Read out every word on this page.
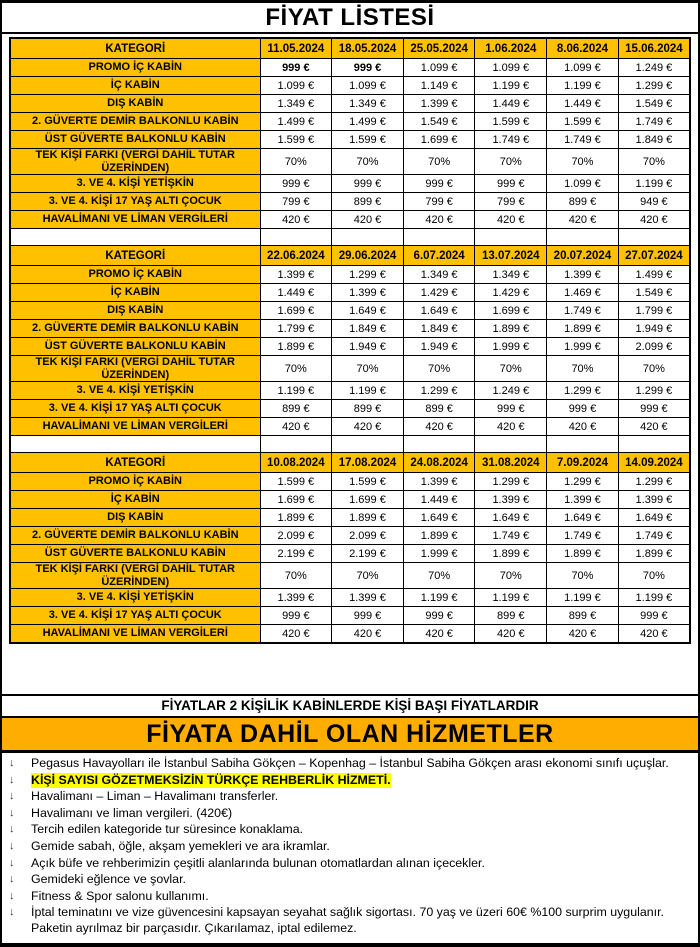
FİYAT LİSTESİ
KATEGORİ	11.05.2024	18.05.2024	25.05.2024	1.06.2024	8.06.2024	15.06.2024
PROMO İÇ KABİN	999 €	999 €	1.099 €	1.099 €	1.099 €	1.249 €
İÇ KABİN	1.099 €	1.099 €	1.149 €	1.199 €	1.199 €	1.299 €
DIŞ KABİN	1.349 €	1.349 €	1.399 €	1.449 €	1.449 €	1.549 €
2. GÜVERTE DEMİR BALKONLU KABİN	1.499 €	1.499 €	1.549 €	1.599 €	1.599 €	1.749 €
ÜST GÜVERTE BALKONLU KABİN	1.599 €	1.599 €	1.699 €	1.749 €	1.749 €	1.849 €
TEK KİŞİ FARKI (VERGİ DAHİL TUTAR ÜZERİNDEN)	70%	70%	70%	70%	70%	70%
3. VE 4. KİŞİ YETİŞKİN	999 €	999 €	999 €	999 €	1.099 €	1.199 €
3. VE 4. KİŞİ 17 YAŞ ALTI ÇOCUK	799 €	899 €	799 €	799 €	899 €	949 €
HAVALİMANI VE LİMAN VERGİLERİ	420 €	420 €	420 €	420 €	420 €	420 €

KATEGORİ	22.06.2024	29.06.2024	6.07.2024	13.07.2024	20.07.2024	27.07.2024
PROMO İÇ KABİN	1.399 €	1.299 €	1.349 €	1.349 €	1.399 €	1.499 €
İÇ KABİN	1.449 €	1.399 €	1.429 €	1.429 €	1.469 €	1.549 €
DIŞ KABİN	1.699 €	1.649 €	1.649 €	1.699 €	1.749 €	1.799 €
2. GÜVERTE DEMİR BALKONLU KABİN	1.799 €	1.849 €	1.849 €	1.899 €	1.899 €	1.949 €
ÜST GÜVERTE BALKONLU KABİN	1.899 €	1.949 €	1.949 €	1.999 €	1.999 €	2.099 €
TEK KİŞİ FARKI (VERGİ DAHİL TUTAR ÜZERİNDEN)	70%	70%	70%	70%	70%	70%
3. VE 4. KİŞİ YETİŞKİN	1.199 €	1.199 €	1.299 €	1.249 €	1.299 €	1.299 €
3. VE 4. KİŞİ 17 YAŞ ALTI ÇOCUK	899 €	899 €	899 €	999 €	999 €	999 €
HAVALİMANI VE LİMAN VERGİLERİ	420 €	420 €	420 €	420 €	420 €	420 €

KATEGORİ	10.08.2024	17.08.2024	24.08.2024	31.08.2024	7.09.2024	14.09.2024
PROMO İÇ KABİN	1.599 €	1.599 €	1.399 €	1.299 €	1.299 €	1.299 €
İÇ KABİN	1.699 €	1.699 €	1.449 €	1.399 €	1.399 €	1.399 €
DIŞ KABİN	1.899 €	1.899 €	1.649 €	1.649 €	1.649 €	1.649 €
2. GÜVERTE DEMİR BALKONLU KABİN	2.099 €	2.099 €	1.899 €	1.749 €	1.749 €	1.749 €
ÜST GÜVERTE BALKONLU KABİN	2.199 €	2.199 €	1.999 €	1.899 €	1.899 €	1.899 €
TEK KİŞİ FARKI (VERGİ DAHİL TUTAR ÜZERİNDEN)	70%	70%	70%	70%	70%	70%
3. VE 4. KİŞİ YETİŞKİN	1.399 €	1.399 €	1.199 €	1.199 €	1.199 €	1.199 €
3. VE 4. KİŞİ 17 YAŞ ALTI ÇOCUK	999 €	999 €	999 €	899 €	899 €	999 €
HAVALİMANI VE LİMAN VERGİLERİ	420 €	420 €	420 €	420 €	420 €	420 €
FİYATLAR 2 KİŞİLİK KABİNLERDE KİŞİ BAŞI FİYATLARDIR
FİYATA DAHİL OLAN HİZMETLER
↓	Pegasus Havayolları ile İstanbul Sabiha Gökçen – Kopenhag – İstanbul Sabiha Gökçen arası ekonomi sınıfı uçuşlar.
↓	KİŞİ SAYISI GÖZETMEKSİZİN TÜRKÇE REHBERLİK HİZMETİ.
↓	Havalimanı – Liman – Havalimanı transferler.
↓	Havalimanı ve liman vergileri. (420€)
↓	Tercih edilen kategoride tur süresince konaklama.
↓	Gemide sabah, öğle, akşam yemekleri ve ara ikramlar.
↓	Açık büfe ve rehberimizin çeşitli alanlarında bulunan otomatlardan alınan içecekler.
↓	Gemideki eğlence ve şovlar.
↓	Fitness & Spor salonu kullanımı.
↓	İptal teminatını ve vize güvencesini kapsayan seyahat sağlık sigortası. 70 yaş ve üzeri 60€ %100 surprim uygulanır. Paketin ayrılmaz bir parçasıdır. Çıkarılamaz, iptal edilemez.
